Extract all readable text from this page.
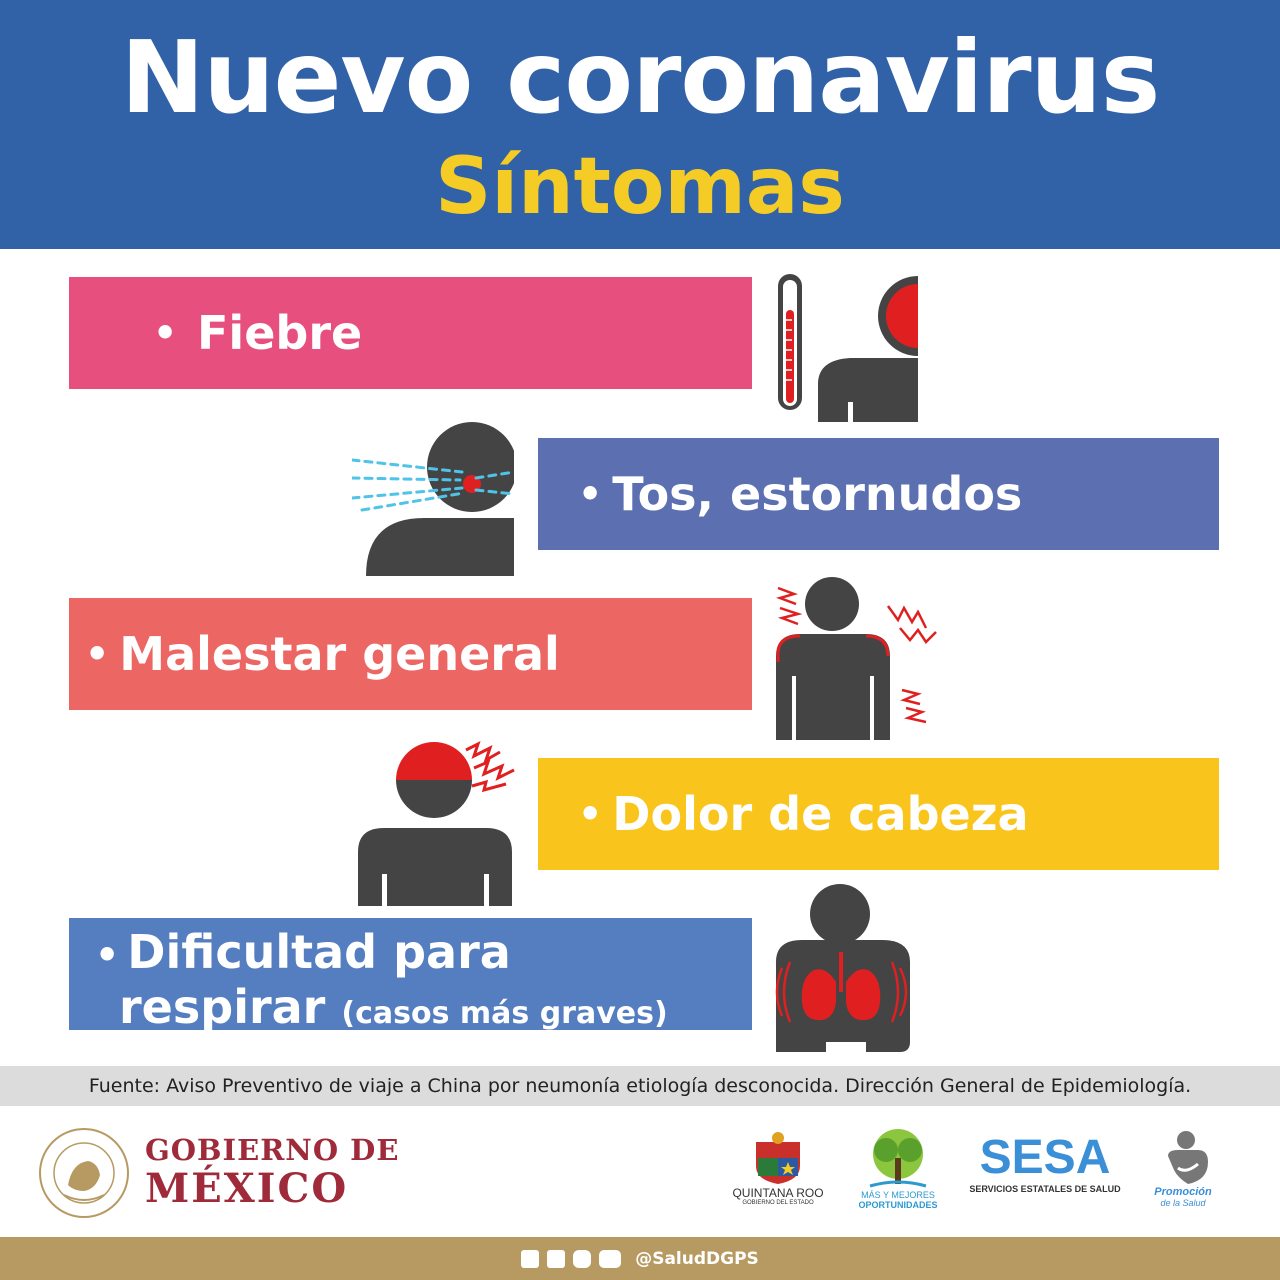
Nuevo coronavirus
Síntomas
• Fiebre
• Tos, estornudos
• Malestar general
• Dolor de cabeza
• Dificultad para
respirar (casos más graves)
Fuente: Aviso Preventivo de viaje a China por neumonía etiología desconocida. Dirección General de Epidemiología.
GOBIERNO DE
MÉXICO	QUINTANA ROO
GOBIERNO DEL ESTADO
MÁS Y MEJORES
OPORTUNIDADES
SESA
SERVICIOS ESTATALES DE SALUD	Promoción
de la Salud
@SaludDGPS
